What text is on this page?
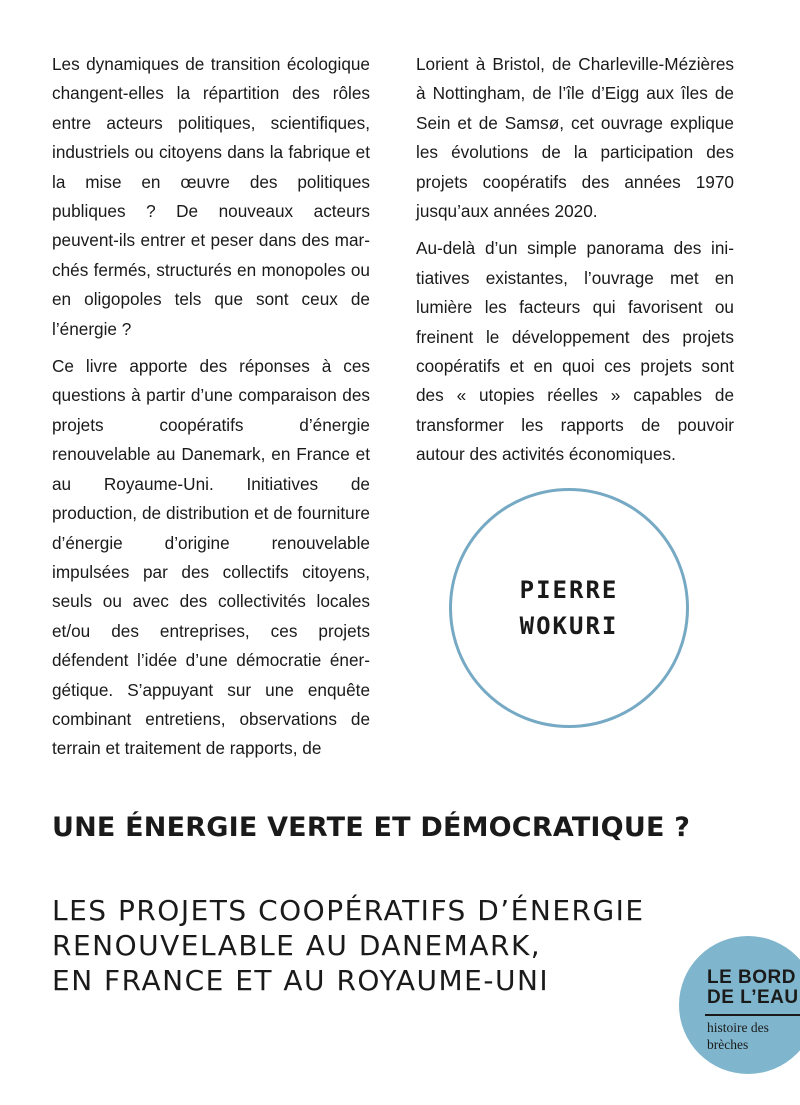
Les dynamiques de transition écologique changent-elles la répartition des rôles entre acteurs politiques, scientifiques, industriels ou citoyens dans la fabrique et la mise en œuvre des politiques publiques ? De nouveaux acteurs peuvent-ils entrer et peser dans des marchés fermés, structurés en monopoles ou en oligopoles tels que sont ceux de l’énergie ?

Ce livre apporte des réponses à ces questions à partir d’une comparaison des projets coopératifs d’énergie renouvelable au Danemark, en France et au Royaume-Uni. Initiatives de production, de distribution et de fourniture d’énergie d’origine renouvelable impulsées par des collectifs citoyens, seuls ou avec des collectivités locales et/ou des entreprises, ces projets défendent l’idée d’une démocratie énergétique. S’appuyant sur une enquête combinant entretiens, observations de terrain et traitement de rapports, de

Lorient à Bristol, de Charleville-Mézières à Nottingham, de l’île d’Eigg aux îles de Sein et de Samsø, cet ouvrage explique les évolutions de la participation des projets coopératifs des années 1970 jusqu’aux années 2020.

Au-delà d’un simple panorama des initiatives existantes, l’ouvrage met en lumière les facteurs qui favorisent ou freinent le développement des projets coopératifs et en quoi ces projets sont des « utopies réelles » capables de transformer les rapports de pouvoir autour des activités économiques.

PIERRE
WOKURI
UNE ÉNERGIE VERTE ET DÉMOCRATIQUE ?
LES PROJETS COOPÉRATIFS D’ÉNERGIE
RENOUVELABLE AU DANEMARK,
EN FRANCE ET AU ROYAUME-UNI	LE BORD
DE L’EAU
histoire des brèches
